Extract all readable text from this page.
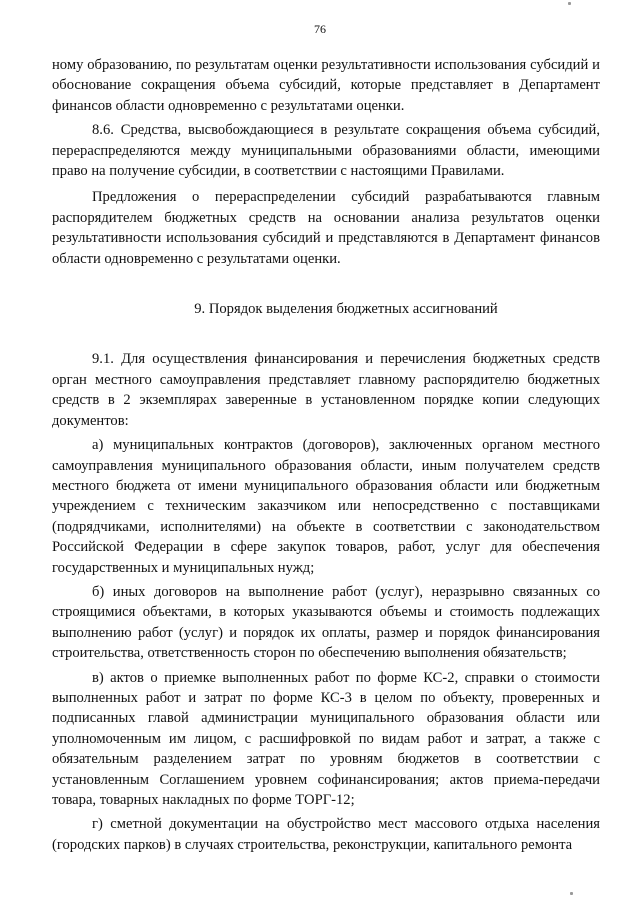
76

ному образованию, по результатам оценки результативности использования субсидий и обоснование сокращения объема субсидий, которые представляет в Департамент финансов области одновременно с результатами оценки.

8.6. Средства, высвобождающиеся в результате сокращения объема субсидий, перераспределяются между муниципальными образованиями области, имеющими право на получение субсидии, в соответствии с настоящими Правилами.

Предложения о перераспределении субсидий разрабатываются главным распорядителем бюджетных средств на основании анализа результатов оценки результативности использования субсидий и представляются в Департамент финансов области одновременно с результатами оценки.

9. Порядок выделения бюджетных ассигнований

9.1. Для осуществления финансирования и перечисления бюджетных средств орган местного самоуправления представляет главному распорядителю бюджетных средств в 2 экземплярах заверенные в установленном порядке копии следующих документов:

а) муниципальных контрактов (договоров), заключенных органом местного самоуправления муниципального образования области, иным получателем средств местного бюджета от имени муниципального образования области или бюджетным учреждением с техническим заказчиком или непосредственно с поставщиками (подрядчиками, исполнителями) на объекте в соответствии с законодательством Российской Федерации в сфере закупок товаров, работ, услуг для обеспечения государственных и муниципальных нужд;

б) иных договоров на выполнение работ (услуг), неразрывно связанных со строящимися объектами, в которых указываются объемы и стоимость подлежащих выполнению работ (услуг) и порядок их оплаты, размер и порядок финансирования строительства, ответственность сторон по обеспечению выполнения обязательств;

в) актов о приемке выполненных работ по форме КС-2, справки о стоимости выполненных работ и затрат по форме КС-3 в целом по объекту, проверенных и подписанных главой администрации муниципального образования области или уполномоченным им лицом, с расшифровкой по видам работ и затрат, а также с обязательным разделением затрат по уровням бюджетов в соответствии с установленным Соглашением уровнем софинансирования; актов приема-передачи товара, товарных накладных по форме ТОРГ-12;

г) сметной документации на обустройство мест массового отдыха населения (городских парков) в случаях строительства, реконструкции, капитального ремонта
